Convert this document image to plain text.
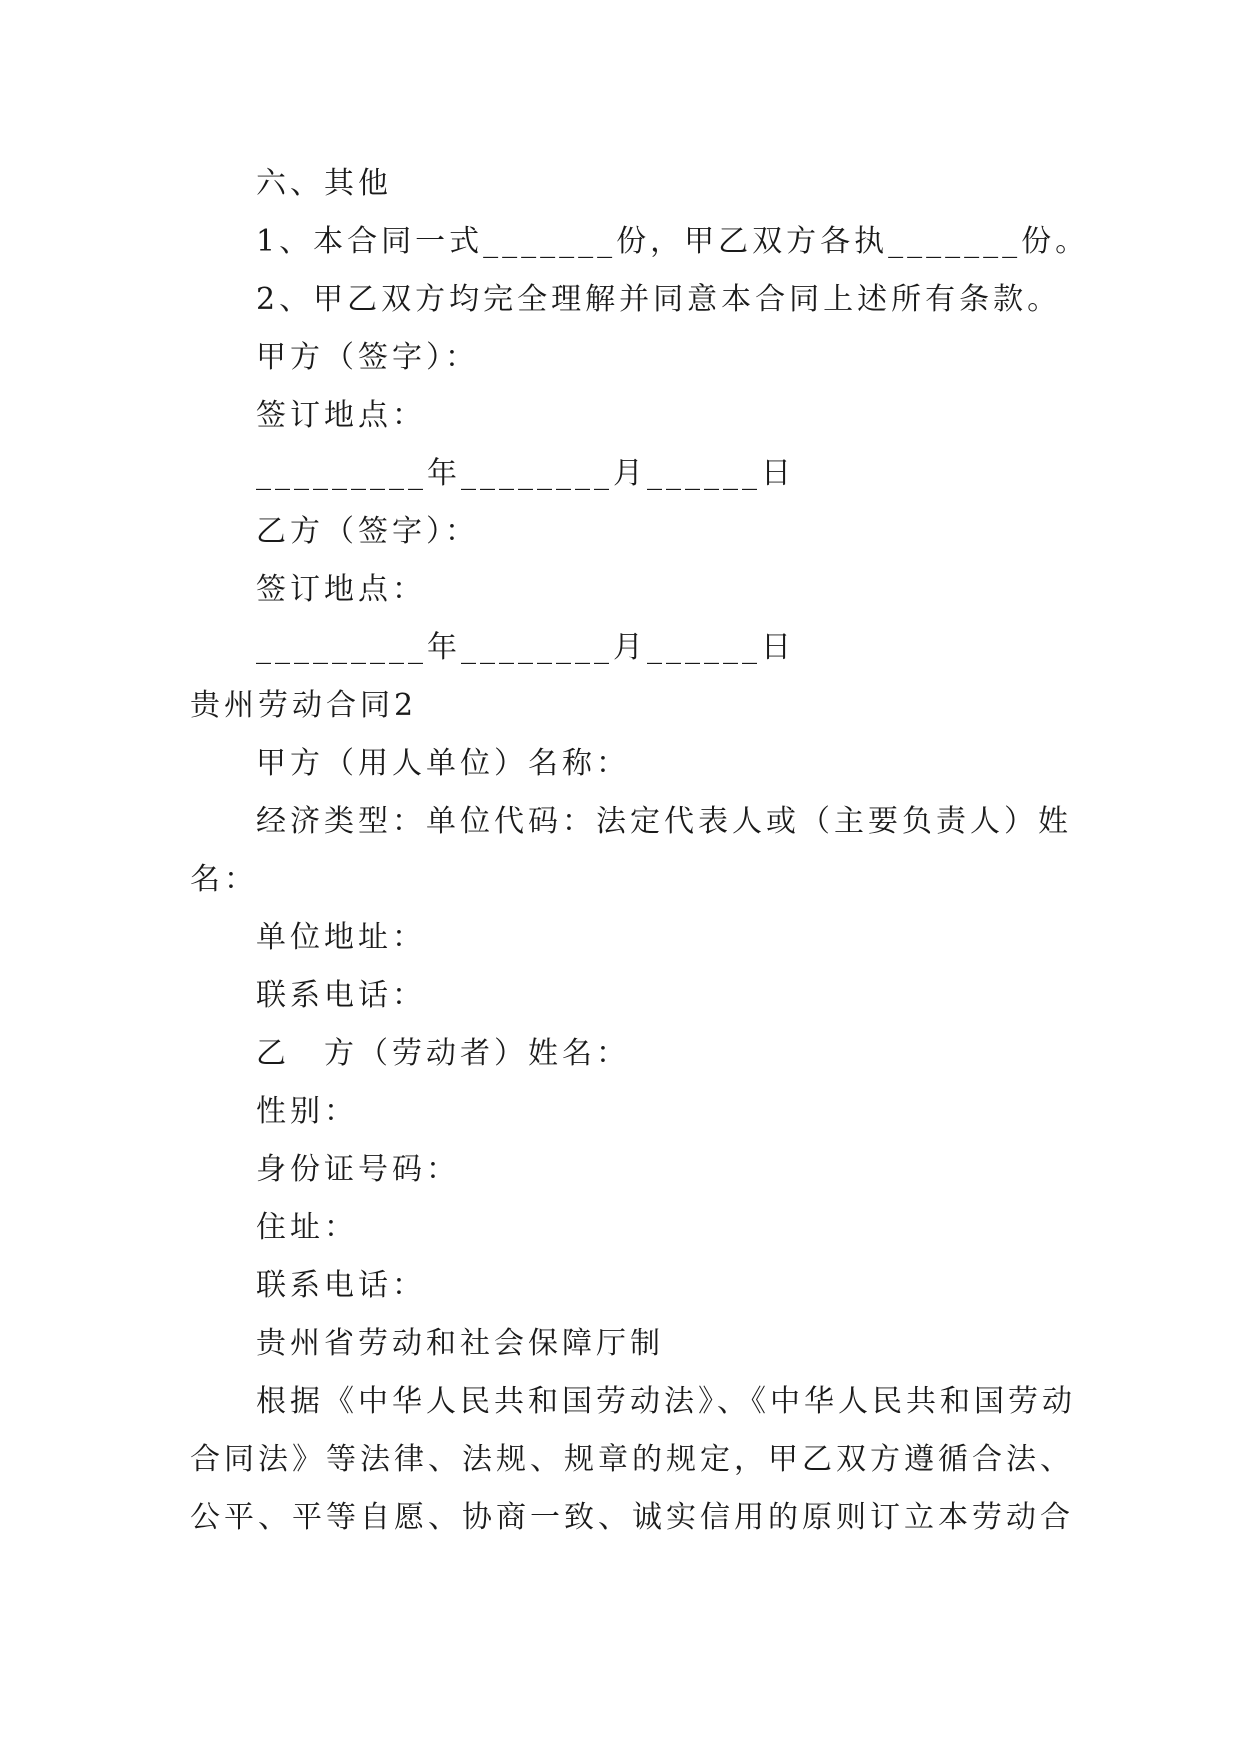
六、其他
1、本合同一式_______份，甲乙双方各执_______份。
2、甲乙双方均完全理解并同意本合同上述所有条款。
甲方（签字）：
签订地点：
_________年________月______日
乙方（签字）：
签订地点：
_________年________月______日
贵州劳动合同2
甲方（用人单位）名称：
经济类型：单位代码：法定代表人或（主要负责人）姓
名：
单位地址：
联系电话：
乙　方（劳动者）姓名：
性别：
身份证号码：
住址：
联系电话：
贵州省劳动和社会保障厅制
根据《中华人民共和国劳动法》、《中华人民共和国劳动
合同法》等法律、法规、规章的规定，甲乙双方遵循合法、
公平、平等自愿、协商一致、诚实信用的原则订立本劳动合
